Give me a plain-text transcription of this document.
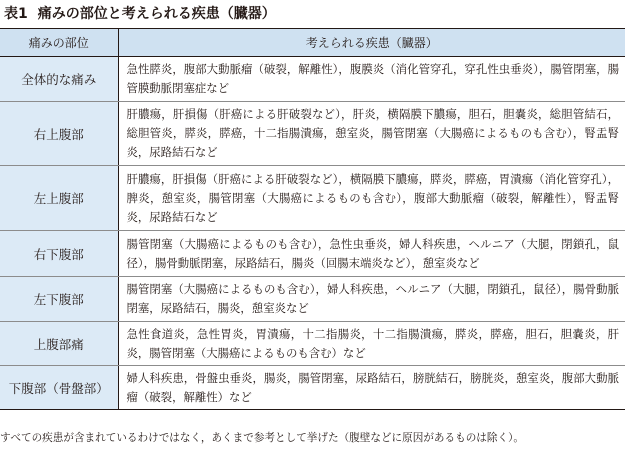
表1 痛みの部位と考えられる疾患（臓器）
痛みの部位	考えられる疾患（臓器）
全体的な痛み	急性膵炎，腹部大動脈瘤（破裂，解離性），腹膜炎（消化管穿孔，穿孔性虫垂炎），腸管閉塞，腸管膜動脈閉塞症など
右上腹部	肝膿瘍，肝損傷（肝癌による肝破裂など），肝炎，横隔膜下膿瘍，胆石，胆嚢炎，総胆管結石，総胆管炎，膵炎，膵癌，十二指腸潰瘍，憩室炎，腸管閉塞（大腸癌によるものも含む），腎盂腎炎，尿路結石など
左上腹部	肝膿瘍，肝損傷（肝癌による肝破裂など），横隔膜下膿瘍，膵炎，膵癌，胃潰瘍（消化管穿孔），脾炎，憩室炎，腸管閉塞（大腸癌によるものも含む），腹部大動脈瘤（破裂，解離性），腎盂腎炎，尿路結石など
右下腹部	腸管閉塞（大腸癌によるものも含む），急性虫垂炎，婦人科疾患，ヘルニア（大腿，閉鎖孔，鼠径），腸骨動脈閉塞，尿路結石，腸炎（回腸末端炎など），憩室炎など
左下腹部	腸管閉塞（大腸癌によるものも含む），婦人科疾患，ヘルニア（大腿，閉鎖孔，鼠径），腸骨動脈閉塞，尿路結石，腸炎，憩室炎など
上腹部痛	急性食道炎，急性胃炎，胃潰瘍，十二指腸炎，十二指腸潰瘍，膵炎，膵癌，胆石，胆嚢炎，肝炎，腸管閉塞（大腸癌によるものも含む）など
下腹部（骨盤部）	婦人科疾患，骨盤虫垂炎，腸炎，腸管閉塞，尿路結石，膀胱結石，膀胱炎，憩室炎，腹部大動脈瘤（破裂，解離性）など
すべての疾患が含まれているわけではなく，あくまで参考として挙げた（腹壁などに原因があるものは除く）。
